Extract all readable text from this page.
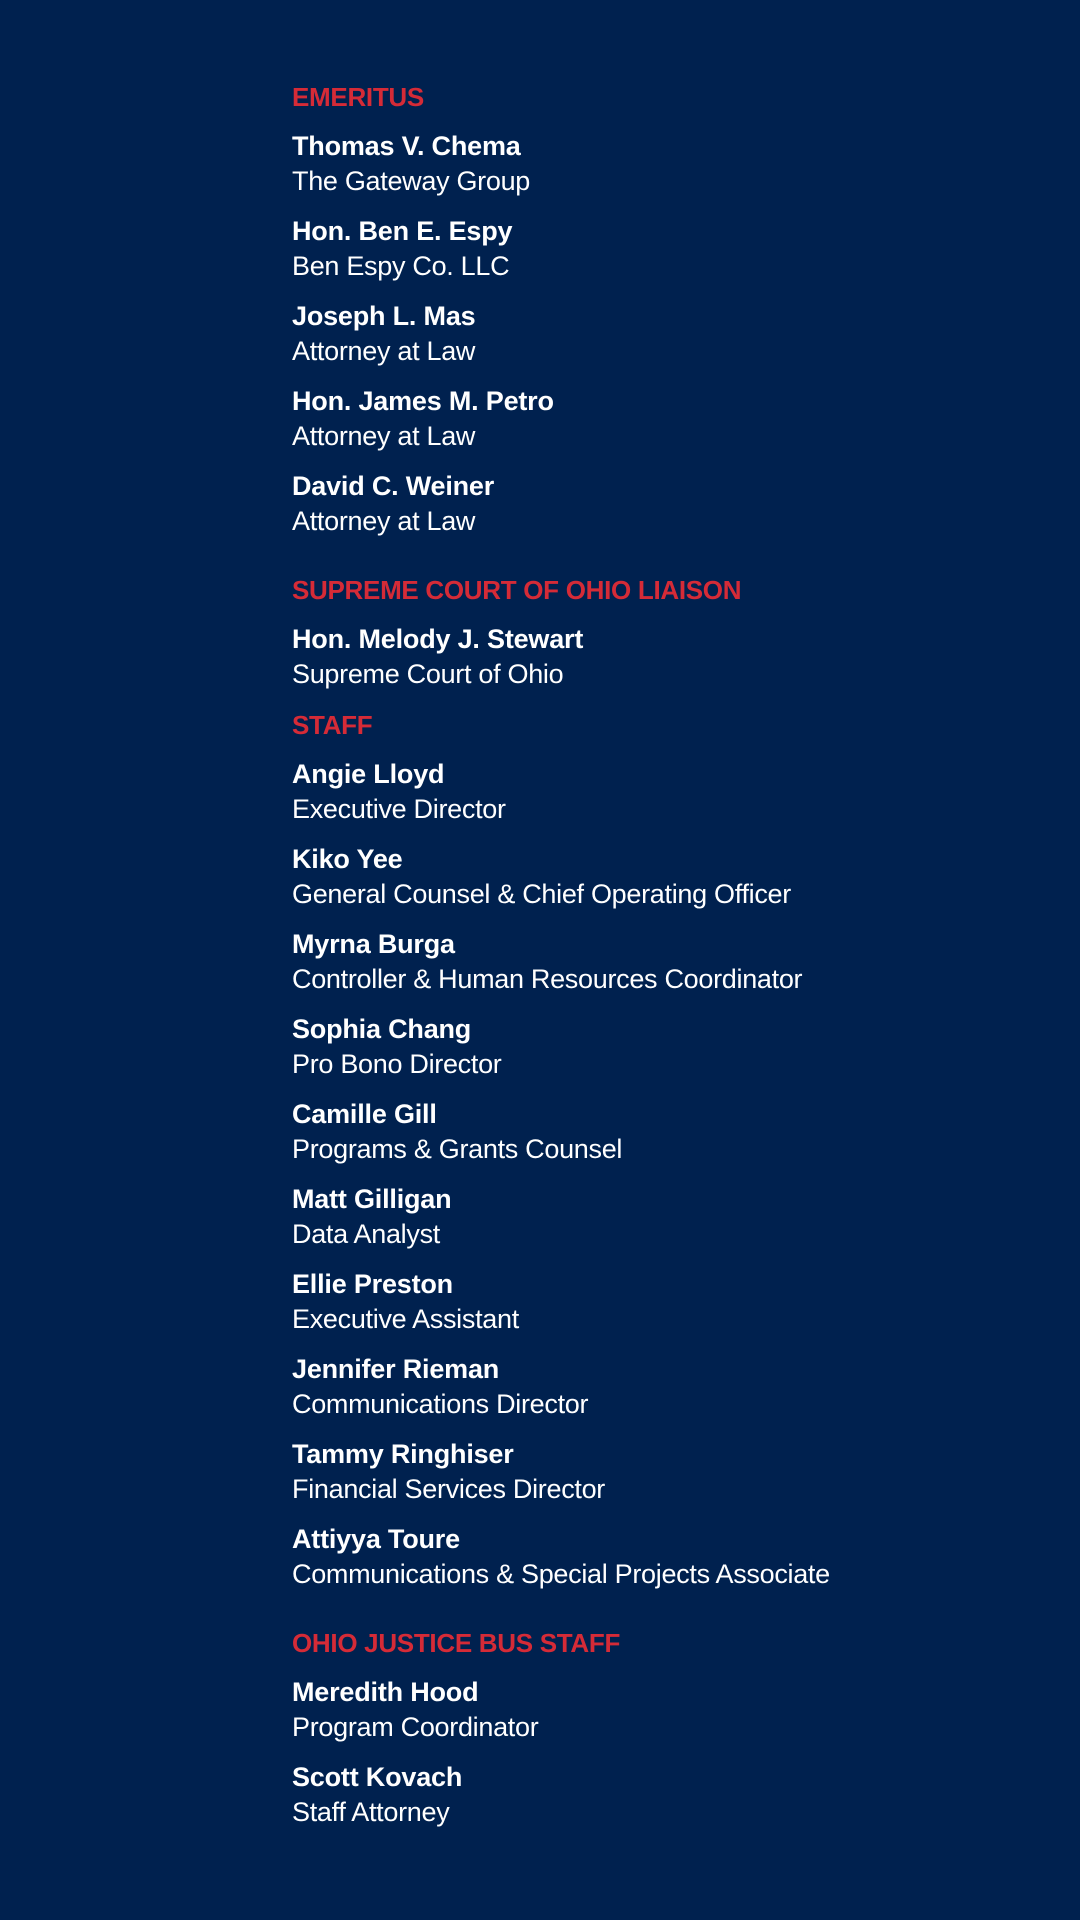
EMERITUS
Thomas V. Chema
The Gateway Group
Hon. Ben E. Espy
Ben Espy Co. LLC
Joseph L. Mas
Attorney at Law
Hon. James M. Petro
Attorney at Law
David C. Weiner
Attorney at Law
SUPREME COURT OF OHIO LIAISON
Hon. Melody J. Stewart
Supreme Court of Ohio
STAFF
Angie Lloyd
Executive Director
Kiko Yee
General Counsel & Chief Operating Officer
Myrna Burga
Controller & Human Resources Coordinator
Sophia Chang
Pro Bono Director
Camille Gill
Programs & Grants Counsel
Matt Gilligan
Data Analyst
Ellie Preston
Executive Assistant
Jennifer Rieman
Communications Director
Tammy Ringhiser
Financial Services Director
Attiyya Toure
Communications & Special Projects Associate
OHIO JUSTICE BUS STAFF
Meredith Hood
Program Coordinator
Scott Kovach
Staff Attorney
